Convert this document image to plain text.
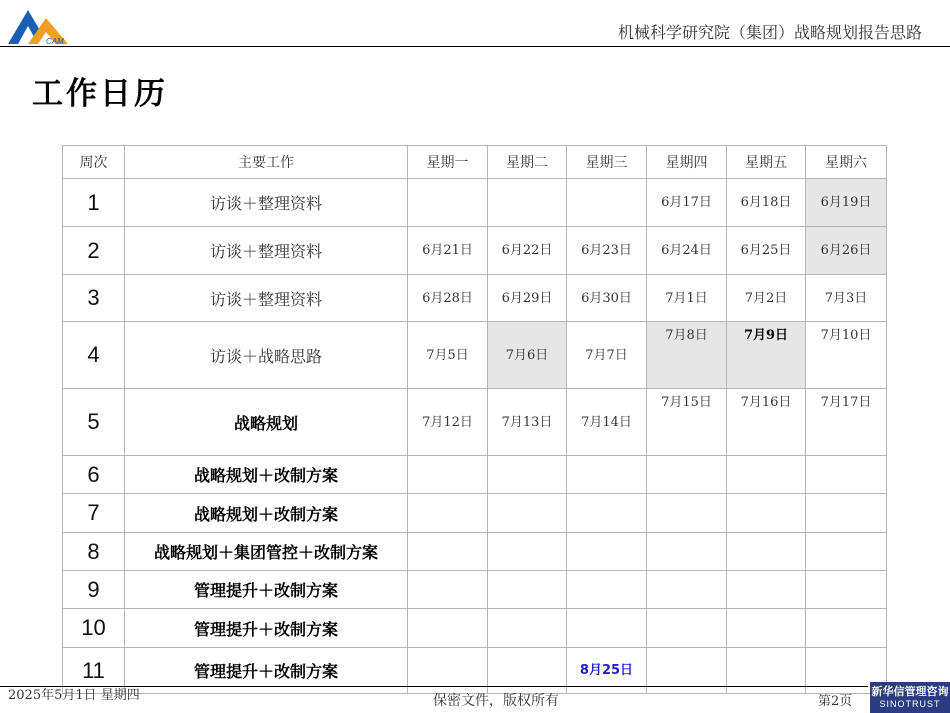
CAM	机械科学研究院（集团）战略规划报告思路
工作日历
周次	主要工作	星期一	星期二	星期三	星期四	星期五	星期六
1	访谈＋整理资料				6月17日	6月18日	6月19日

2	访谈＋整理资料	6月21日	6月22日	6月23日	6月24日	6月25日	6月26日

3	访谈＋整理资料	6月28日	6月29日	6月30日	7月1日	7月2日	7月3日

4	访谈＋战略思路	7月5日	7月6日	7月7日	7月8日	7月9日	7月10日

5	战略规划	7月12日	7月13日	7月14日	7月15日	7月16日	7月17日

6	战略规划＋改制方案						
7	战略规划＋改制方案						
8	战略规划＋集团管控＋改制方案						
9	管理提升＋改制方案						
10	管理提升＋改制方案						
11	管理提升＋改制方案			8月25日			

2025年5月1日 星期四	保密文件，版权所有	第2页
新华信管理咨询
SINOTRUST
